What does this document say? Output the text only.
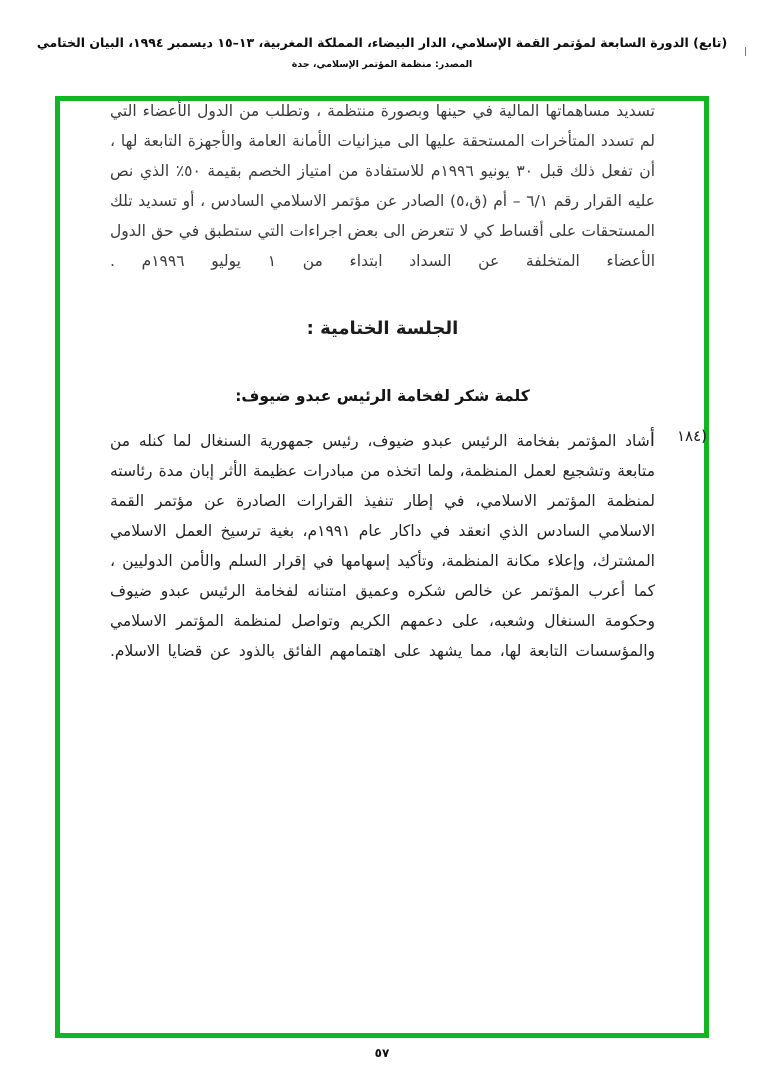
(تابع) الدورة السابعة لمؤتمر القمة الإسلامي، الدار البيضاء، المملكة المغربية، ١٣–١٥ ديسمبر ١٩٩٤، البيان الختامي
المصدر: منظمة المؤتمر الإسلامي، جدة

تسديد مساهماتها المالية في حينها وبصورة منتظمة ، وتطلب من الدول الأعضاء التي لم تسدد المتأخرات المستحقة عليها الى ميزانيات الأمانة العامة والأجهزة التابعة لها ، أن تفعل ذلك قبل ٣٠ يونيو ١٩٩٦م للاستفادة من امتياز الخصم بقيمة ٥٠٪ الذي نص عليه القرار رقم ٦/١ – أم (ق،٥) الصادر عن مؤتمر الاسلامي السادس ، أو تسديد تلك المستحقات على أقساط كي لا تتعرض الى بعض اجراءات التي ستطبق في حق الدول الأعضاء المتخلفة عن السداد ابتداء من ١ يوليو ١٩٩٦م .

الجلسة الختامية :
كلمة شكر لفخامة الرئيس عبدو ضيوف:
(١٨٤

أشاد المؤتمر بفخامة الرئيس عبدو ضيوف، رئيس جمهورية السنغال لما كنله من متابعة وتشجيع لعمل المنظمة، ولما اتخذه من مبادرات عظيمة الأثر إبان مدة رئاسته لمنظمة المؤتمر الاسلامي، في إطار تنفيذ القرارات الصادرة عن مؤتمر القمة الاسلامي السادس الذي انعقد في داكار عام ١٩٩١م، بغية ترسيخ العمل الاسلامي المشترك، وإعلاء مكانة المنظمة، وتأكيد إسهامها في إقرار السلم والأمن الدوليين ، كما أعرب المؤتمر عن خالص شكره وعميق امتنانه لفخامة الرئيس عبدو ضيوف وحكومة السنغال وشعبه، على دعمهم الكريم وتواصل لمنظمة المؤتمر الاسلامي والمؤسسات التابعة لها، مما يشهد على اهتمامهم الفائق بالذود عن قضايا الاسلام.

٥٧
